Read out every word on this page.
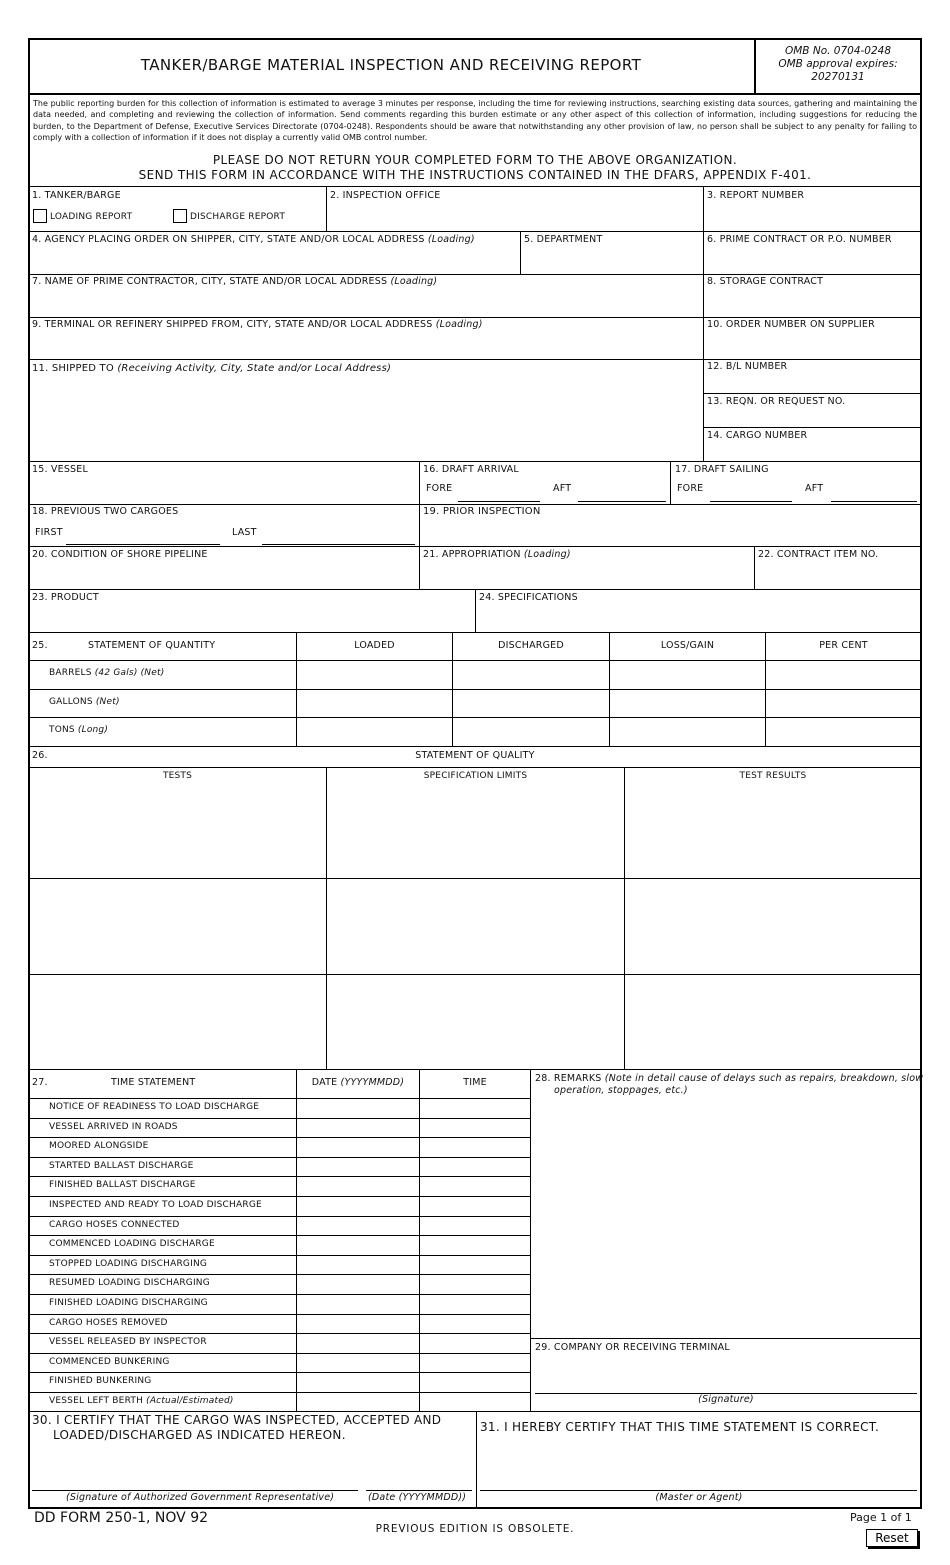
TANKER/BARGE MATERIAL INSPECTION AND RECEIVING REPORT
OMB No. 0704-0248
OMB approval expires:
20270131
The public reporting burden for this collection of information is estimated to average 3 minutes per response, including the time for reviewing instructions, searching existing data sources, gathering and maintaining the data needed, and completing and reviewing the collection of information. Send comments regarding this burden estimate or any other aspect of this collection of information, including suggestions for reducing the burden, to the Department of Defense, Executive Services Directorate (0704-0248). Respondents should be aware that notwithstanding any other provision of law, no person shall be subject to any penalty for failing to comply with a collection of information if it does not display a currently valid OMB control number.
PLEASE DO NOT RETURN YOUR COMPLETED FORM TO THE ABOVE ORGANIZATION.
SEND THIS FORM IN ACCORDANCE WITH THE INSTRUCTIONS CONTAINED IN THE DFARS, APPENDIX F-401.
1. TANKER/BARGE
LOADING REPORT	DISCHARGE REPORT
2. INSPECTION OFFICE	3. REPORT NUMBER
4. AGENCY PLACING ORDER ON SHIPPER, CITY, STATE AND/OR LOCAL ADDRESS (Loading)	5. DEPARTMENT	6. PRIME CONTRACT OR P.O. NUMBER
7. NAME OF PRIME CONTRACTOR, CITY, STATE AND/OR LOCAL ADDRESS (Loading)	8. STORAGE CONTRACT
9. TERMINAL OR REFINERY SHIPPED FROM, CITY, STATE AND/OR LOCAL ADDRESS (Loading)	10. ORDER NUMBER ON SUPPLIER
11. SHIPPED TO (Receiving Activity, City, State and/or Local Address)	12. B/L NUMBER
13. REQN. OR REQUEST NO.
14. CARGO NUMBER
15. VESSEL	16. DRAFT ARRIVAL
FORE	AFT
17. DRAFT SAILING
FORE	AFT
18. PREVIOUS TWO CARGOES
FIRST	LAST
19. PRIOR INSPECTION
20. CONDITION OF SHORE PIPELINE	21. APPROPRIATION (Loading)	22. CONTRACT ITEM NO.
23. PRODUCT	24. SPECIFICATIONS
25.	STATEMENT OF QUANTITY	LOADED	DISCHARGED	LOSS/GAIN	PER CENT
BARRELS (42 Gals) (Net)
GALLONS (Net)
TONS (Long)
26.	STATEMENT OF QUALITY
TESTS	SPECIFICATION LIMITS	TEST RESULTS
27.	TIME STATEMENT	DATE (YYYYMMDD)	TIME
NOTICE OF READINESS TO LOAD DISCHARGE
VESSEL ARRIVED IN ROADS
MOORED ALONGSIDE
STARTED BALLAST DISCHARGE
FINISHED BALLAST DISCHARGE
INSPECTED AND READY TO LOAD DISCHARGE
CARGO HOSES CONNECTED
COMMENCED LOADING DISCHARGE
STOPPED LOADING DISCHARGING
RESUMED LOADING DISCHARGING
FINISHED LOADING DISCHARGING
CARGO HOSES REMOVED
VESSEL RELEASED BY INSPECTOR
COMMENCED BUNKERING
FINISHED BUNKERING
VESSEL LEFT BERTH (Actual/Estimated)
28. REMARKS (Note in detail cause of delays such as repairs, breakdown, slow
operation, stoppages, etc.)
29. COMPANY OR RECEIVING TERMINAL
(Signature)
30. I CERTIFY THAT THE CARGO WAS INSPECTED, ACCEPTED AND
LOADED/DISCHARGED AS INDICATED HEREON.
(Signature of Authorized Government Representative)	(Date (YYYYMMDD))
31. I HEREBY CERTIFY THAT THIS TIME STATEMENT IS CORRECT.
(Master or Agent)
DD FORM 250-1, NOV 92
PREVIOUS EDITION IS OBSOLETE.
Page 1 of 1
Reset
